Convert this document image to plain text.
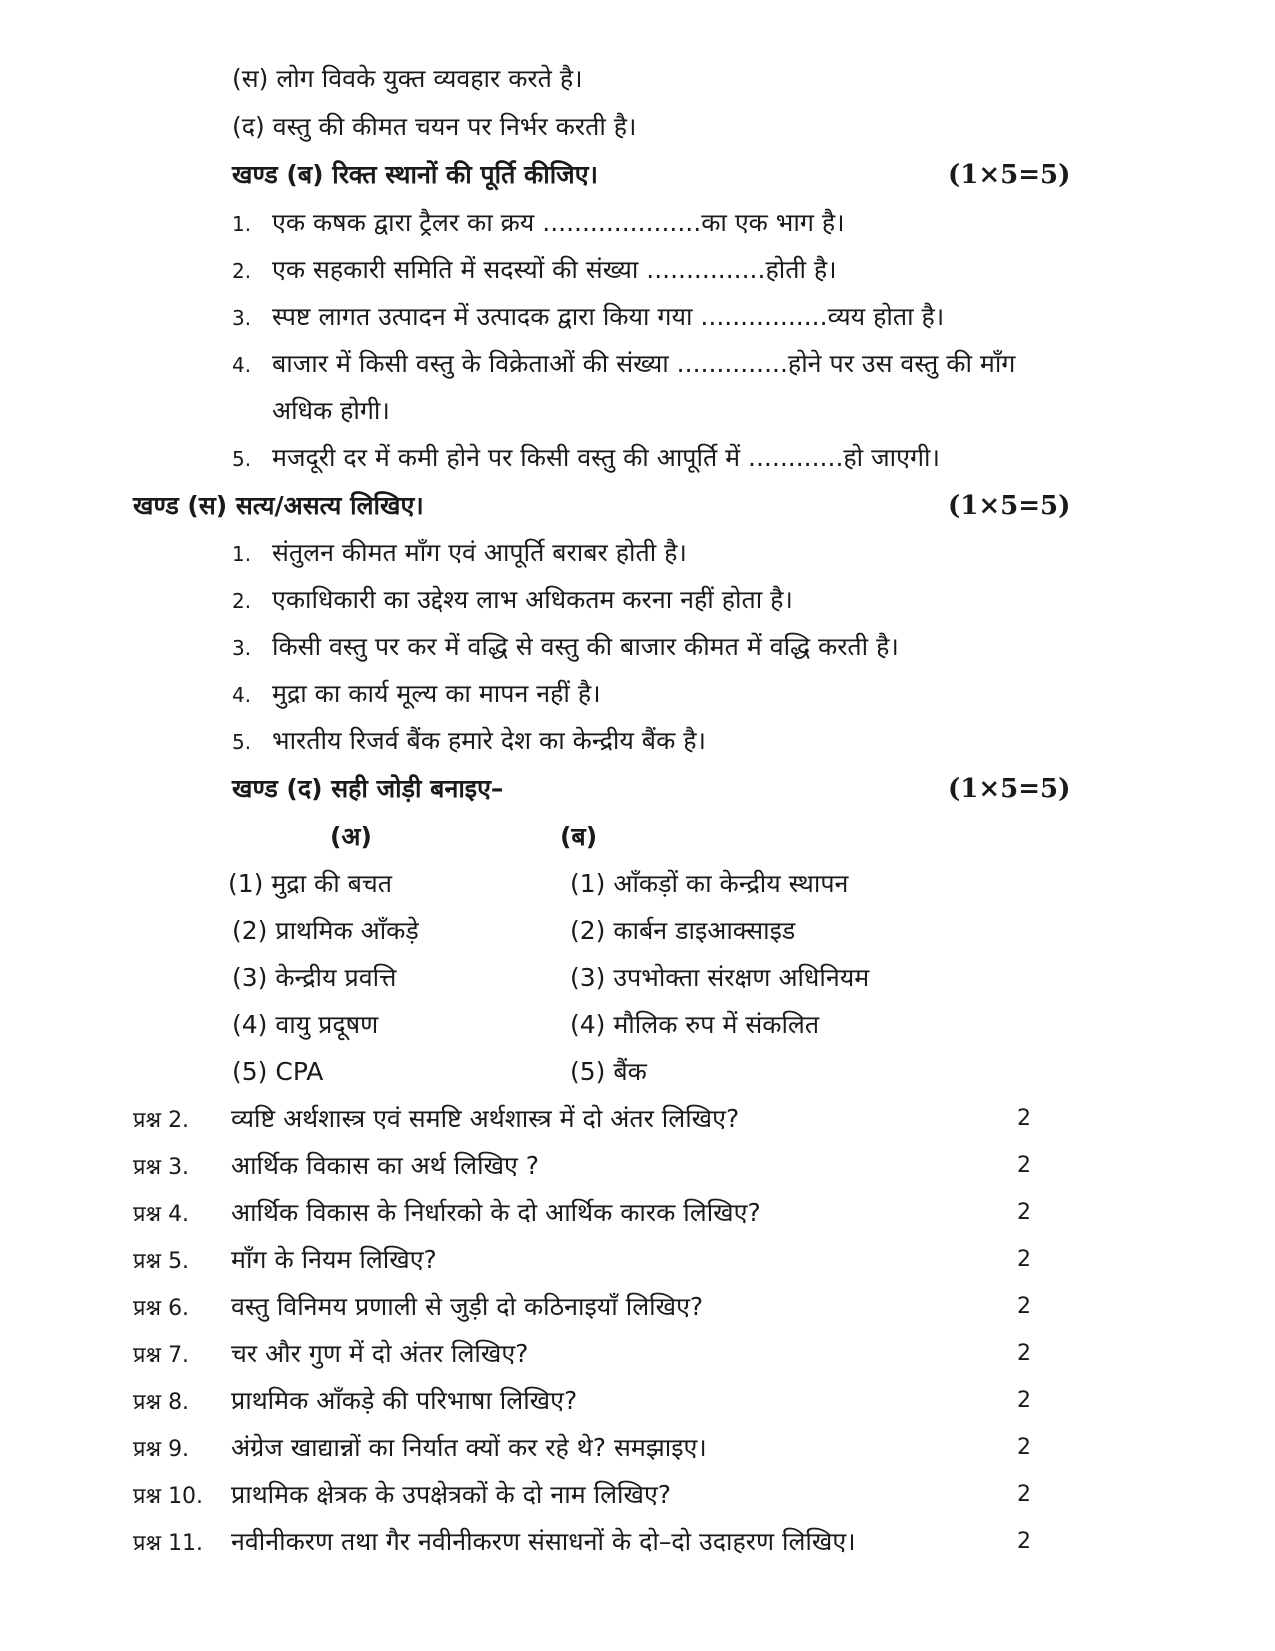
(स) लोग विवके युक्त व्यवहार करते है।
(द) वस्तु की कीमत चयन पर निर्भर करती है।
खण्ड (ब) रिक्त स्थानों की पूर्ति कीजिए।	(1×5=5)
1. एक कषक द्वारा ट्रैलर का क्रय ....................का एक भाग है।
2. एक सहकारी समिति में सदस्यों की संख्या ...............होती है।
3. स्पष्ट लागत उत्पादन में उत्पादक द्वारा किया गया ................व्यय होता है।
4. बाजार में किसी वस्तु के विक्रेताओं की संख्या ..............होने पर उस वस्तु की माँग
अधिक होगी।
5. मजदूरी दर में कमी होने पर किसी वस्तु की आपूर्ति में ............हो जाएगी।
खण्ड (स) सत्य/असत्य लिखिए।	(1×5=5)
1. संतुलन कीमत माँग एवं आपूर्ति बराबर होती है।
2. एकाधिकारी का उद्देश्य लाभ अधिकतम करना नहीं होता है।
3. किसी वस्तु पर कर में वद्धि से वस्तु की बाजार कीमत में वद्धि करती है।
4. मुद्रा का कार्य मूल्य का मापन नहीं है।
5. भारतीय रिजर्व बैंक हमारे देश का केन्द्रीय बैंक है।
खण्ड (द) सही जोड़ी बनाइए–	(1×5=5)
(अ)	(ब)
(1) मुद्रा की बचत	(1) आँकड़ों का केन्द्रीय स्थापन
(2) प्राथमिक आँकड़े	(2) कार्बन डाइआक्साइड
(3) केन्द्रीय प्रवत्ति	(3) उपभोक्ता संरक्षण अधिनियम
(4) वायु प्रदूषण	(4) मौलिक रुप में संकलित
(5) CPA	(5) बैंक
प्रश्न 2. व्यष्टि अर्थशास्त्र एवं समष्टि अर्थशास्त्र में दो अंतर लिखिए?	2
प्रश्न 3. आर्थिक विकास का अर्थ लिखिए ?	2
प्रश्न 4. आर्थिक विकास के निर्धारको के दो आर्थिक कारक लिखिए?	2
प्रश्न 5. माँग के नियम लिखिए?	2
प्रश्न 6. वस्तु विनिमय प्रणाली से जुड़ी दो कठिनाइयाँ लिखिए?	2
प्रश्न 7. चर और गुण में दो अंतर लिखिए?	2
प्रश्न 8. प्राथमिक आँकड़े की परिभाषा लिखिए?	2
प्रश्न 9. अंग्रेज खाद्यान्नों का निर्यात क्यों कर रहे थे? समझाइए।	2
प्रश्न 10. प्राथमिक क्षेत्रक के उपक्षेत्रकों के दो नाम लिखिए?	2
प्रश्न 11. नवीनीकरण तथा गैर नवीनीकरण संसाधनों के दो–दो उदाहरण लिखिए।	2
